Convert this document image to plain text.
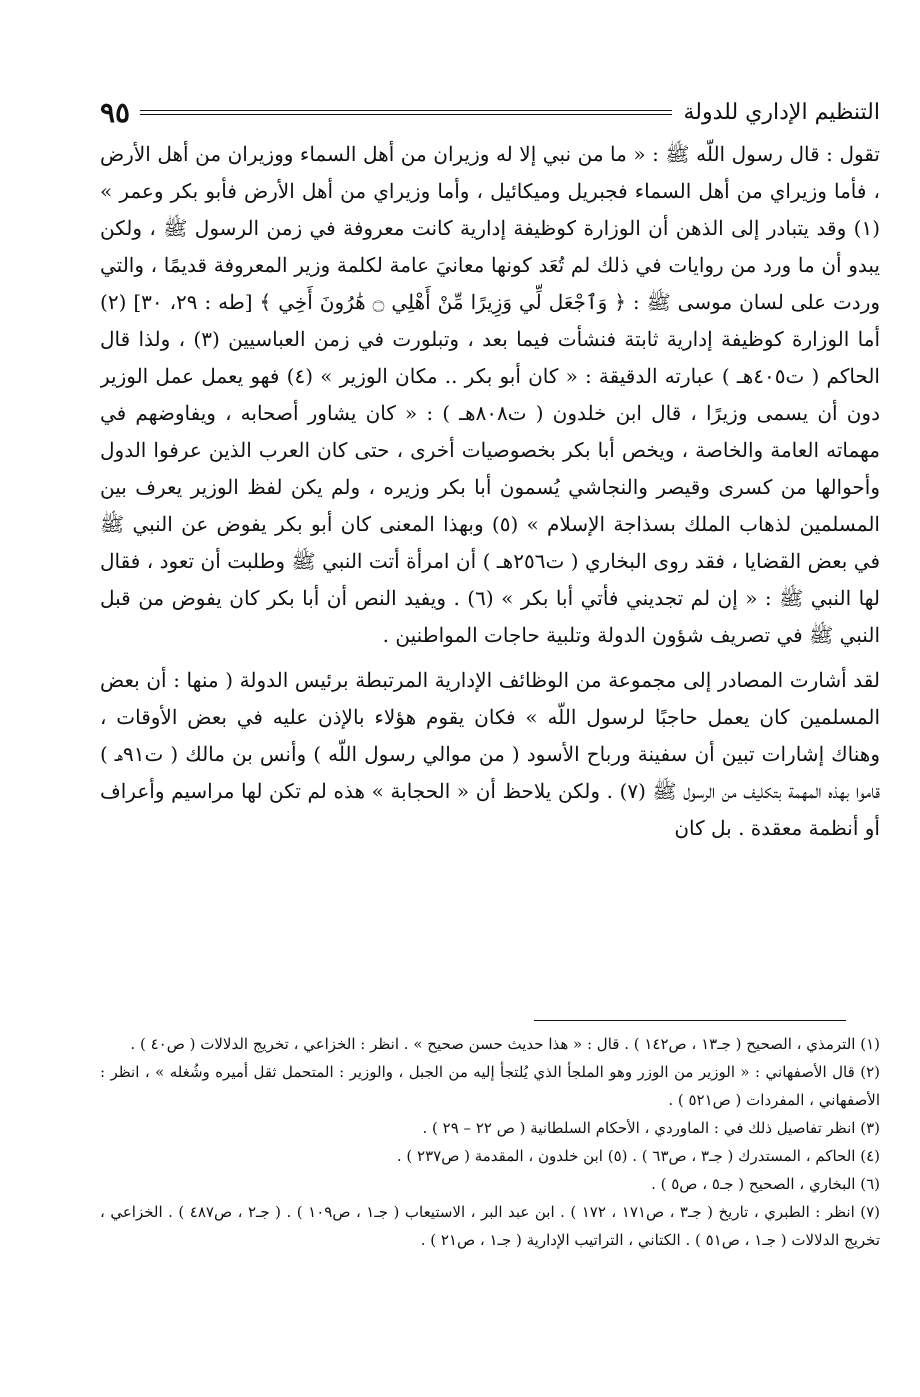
التنظيم الإداري للدولة
٩٥

تقول : قال رسول اللّه ﷺ : « ما من نبي إلا له وزيران من أهل السماء ووزيران من أهل الأرض ، فأما وزيراي من أهل السماء فجبريل وميكائيل ، وأما وزيراي من أهل الأرض فأبو بكر وعمر » (١) وقد يتبادر إلى الذهن أن الوزارة كوظيفة إدارية كانت معروفة في زمن الرسول ﷺ ، ولكن يبدو أن ما ورد من روايات في ذلك لم تُعَد كونها معانيَ عامة لكلمة وزير المعروفة قديمًا ، والتي وردت على لسان موسى ﷺ : ﴿ وَٱجْعَل لِّي وَزِيرًا مِّنْ أَهْلِي ۝ هَٰرُونَ أَخِي ﴾ [طه : ٢٩، ٣٠] (٢) أما الوزارة كوظيفة إدارية ثابتة فنشأت فيما بعد ، وتبلورت في زمن العباسيين (٣) ، ولذا قال الحاكم ( ت٤٠٥هـ ) عبارته الدقيقة : « كان أبو بكر .. مكان الوزير » (٤) فهو يعمل عمل الوزير دون أن يسمى وزيرًا ، قال ابن خلدون ( ت٨٠٨هـ ) : « كان يشاور أصحابه ، ويفاوضهم في مهماته العامة والخاصة ، ويخص أبا بكر بخصوصيات أخرى ، حتى كان العرب الذين عرفوا الدول وأحوالها من كسرى وقيصر والنجاشي يُسمون أبا بكر وزيره ، ولم يكن لفظ الوزير يعرف بين المسلمين لذهاب الملك بسذاجة الإسلام » (٥) وبهذا المعنى كان أبو بكر يفوض عن النبي ﷺ في بعض القضايا ، فقد روى البخاري ( ت٢٥٦هـ ) أن امرأة أتت النبي ﷺ وطلبت أن تعود ، فقال لها النبي ﷺ : « إن لم تجديني فأتي أبا بكر » (٦) . ويفيد النص أن أبا بكر كان يفوض من قبل النبي ﷺ في تصريف شؤون الدولة وتلبية حاجات المواطنين .

لقد أشارت المصادر إلى مجموعة من الوظائف الإدارية المرتبطة برئيس الدولة ( منها : أن بعض المسلمين كان يعمل حاجبًا لرسول اللّه » فكان يقوم هؤلاء بالإذن عليه في بعض الأوقات ، وهناك إشارات تبين أن سفينة ورباح الأسود ( من موالي رسول اللّه ) وأنس بن مالك ( ت٩١هـ ) قاموا بهذه المهمة بتكليف من الرسول ﷺ (٧) . ولكن يلاحظ أن « الحجابة » هذه لم تكن لها مراسيم وأعراف أو أنظمة معقدة . بل كان

(١) الترمذي ، الصحيح ( جـ١٣ ، ص١٤٢ ) . قال : « هذا حديث حسن صحيح » . انظر : الخزاعي ، تخريج الدلالات ( ص٤٠ ) .

(٢) قال الأصفهاني : « الوزير من الوزر وهو الملجأ الذي يُلتجأ إليه من الجبل ، والوزير : المتحمل ثقل أميره وشُغله » ، انظر : الأصفهاني ، المفردات ( ص٥٢١ ) .

(٣) انظر تفاصيل ذلك في : الماوردي ، الأحكام السلطانية ( ص ٢٢ – ٢٩ ) .

(٤) الحاكم ، المستدرك ( جـ٣ ، ص٦٣ ) . (٥) ابن خلدون ، المقدمة ( ص٢٣٧ ) .

(٦) البخاري ، الصحيح ( جـ٥ ، ص٥ ) .

(٧) انظر : الطبري ، تاريخ ( جـ٣ ، ص١٧١ ، ١٧٢ ) . ابن عبد البر ، الاستيعاب ( جـ١ ، ص١٠٩ ) . ( جـ٢ ، ص٤٨٧ ) . الخزاعي ، تخريج الدلالات ( جـ١ ، ص٥١ ) . الكتاني ، التراتيب الإدارية ( جـ١ ، ص٢١ ) .
